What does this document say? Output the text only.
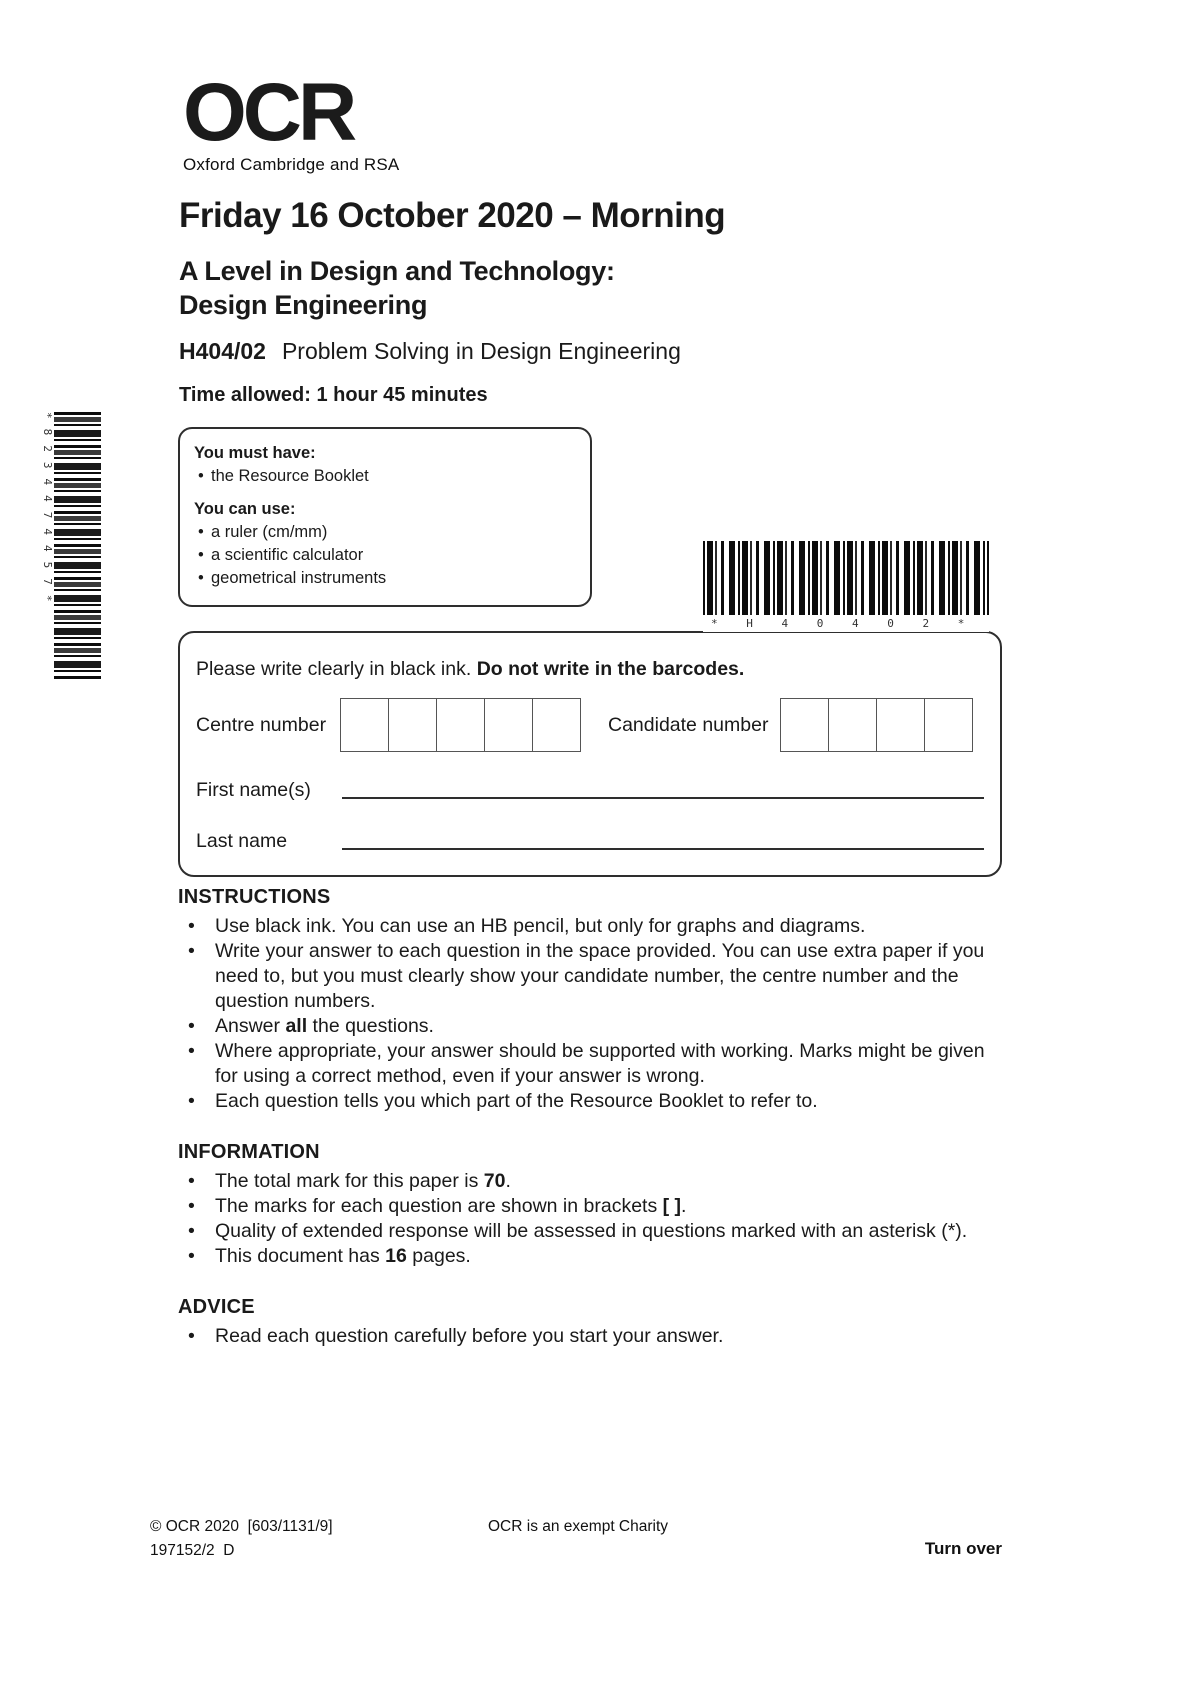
*8234474457*
OCR
Oxford Cambridge and RSA
Friday 16 October 2020 – Morning
A Level in Design and Technology:
Design Engineering
H404/02 Problem Solving in Design Engineering
Time allowed: 1 hour 45 minutes
You must have:
• the Resource Booklet
You can use:
• a ruler (cm/mm)
• a scientific calculator
• geometrical instruments
* H 4 0 4 0 2 *
Please write clearly in black ink. Do not write in the barcodes.
Centre number	Candidate number
First name(s)
Last name
INSTRUCTIONS
• Use black ink. You can use an HB pencil, but only for graphs and diagrams.
• Write your answer to each question in the space provided. You can use extra paper if you need to, but you must clearly show your candidate number, the centre number and the question numbers.
• Answer all the questions.
• Where appropriate, your answer should be supported with working. Marks might be given for using a correct method, even if your answer is wrong.
• Each question tells you which part of the Resource Booklet to refer to.
INFORMATION
• The total mark for this paper is 70.
• The marks for each question are shown in brackets [ ].
• Quality of extended response will be assessed in questions marked with an asterisk (*).
• This document has 16 pages.
ADVICE
• Read each question carefully before you start your answer.
© OCR 2020  [603/1131/9]	OCR is an exempt Charity
197152/2  D	Turn over
